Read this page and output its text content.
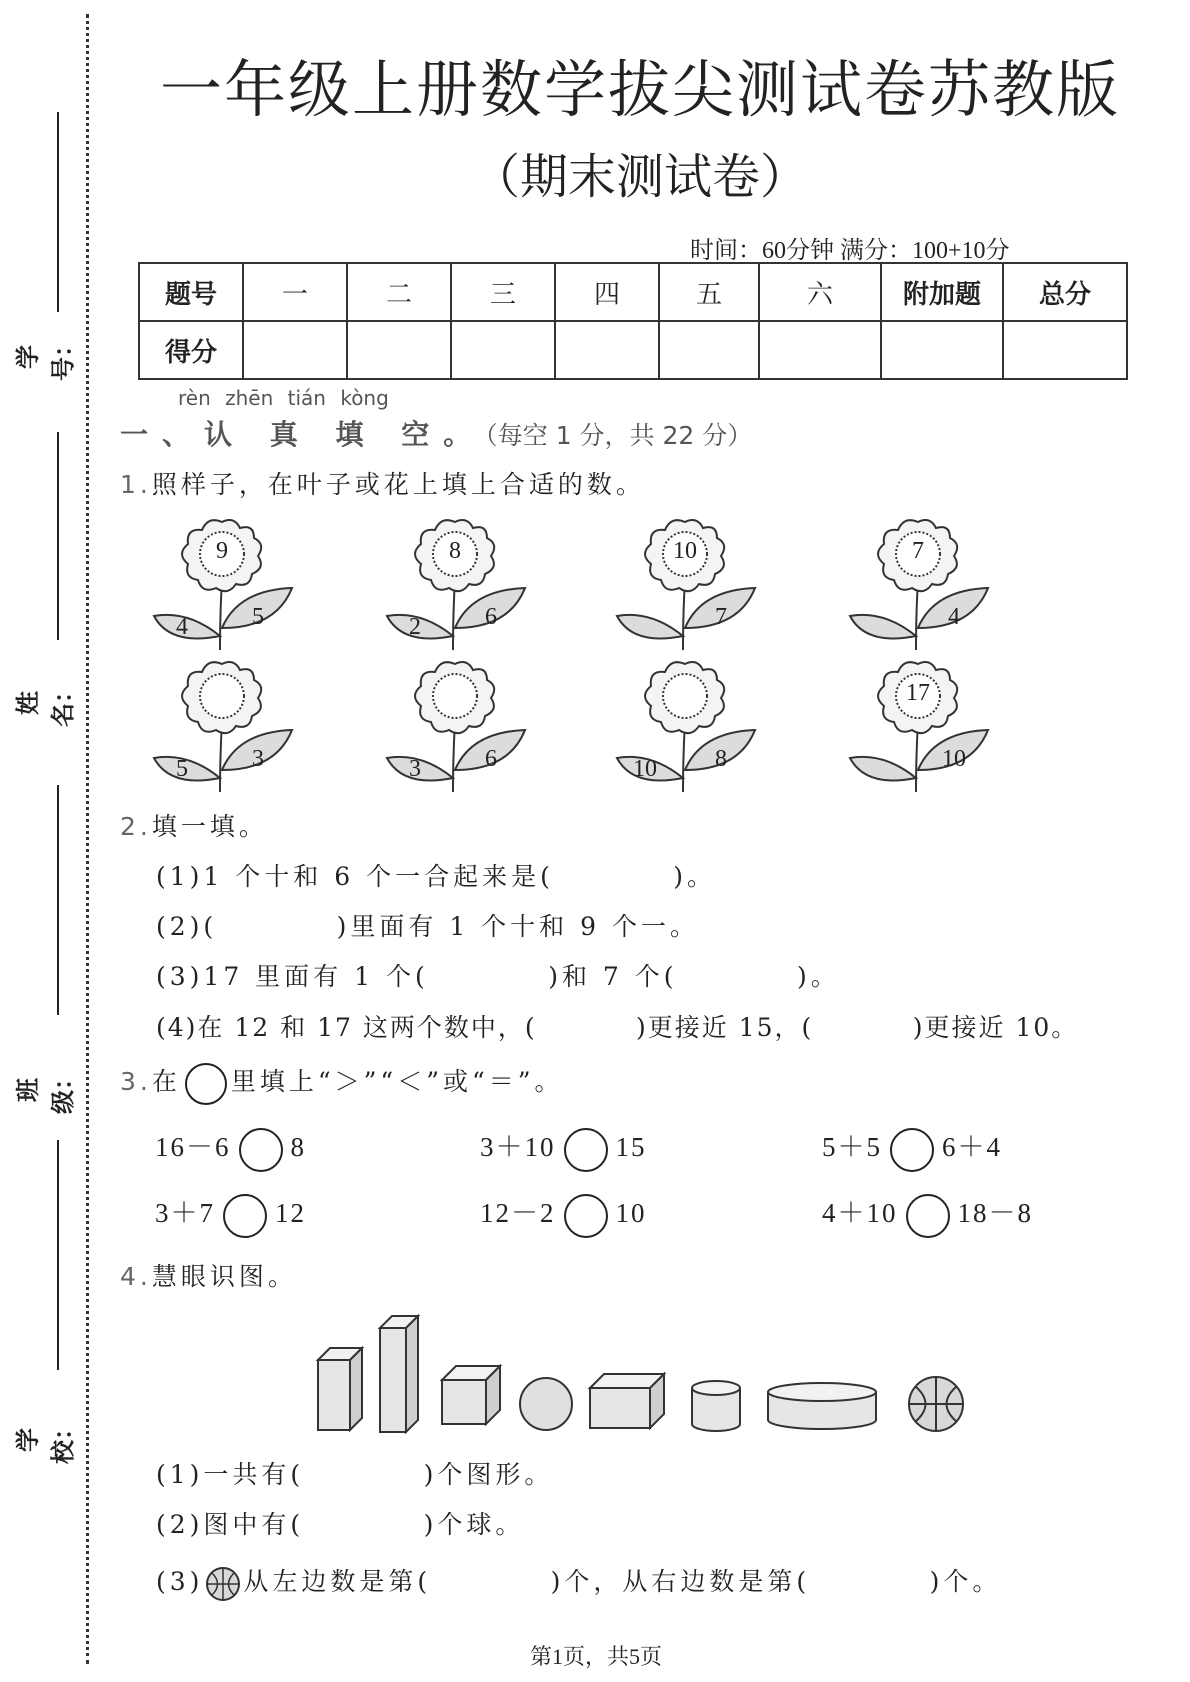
学号：
姓名：
班级：
学校：
一年级上册数学拔尖测试卷苏教版
（期末测试卷）
时间：60分钟 满分：100+10分
题号	一	二	三	四	五	六	附加题	总分
得分								
rèn zhēn tián kòng
一、认 真 填 空。（每空 1 分，共 22 分）
1.照样子，在叶子或花上填上合适的数。
9
4	5
8
2	6
10
7
7
4
5	3	3	6	10	8
17
10
2.填一填。
(1)1 个十和 6 个一合起来是(          )。
(2)(          )里面有 1 个十和 9 个一。
(3)17 里面有 1 个(          )和 7 个(          )。
(4)在 12 和 17 这两个数中，(          )更接近 15，(          )更接近 10。
3.在 里填上“＞”“＜”或“＝”。
16－6 8	3＋10 15	5＋5 6＋4
3＋7 12	12－2 10	4＋10 18－8
4.慧眼识图。
(1)一共有(          )个图形。
(2)图中有(          )个球。
(3) 从左边数是第(          )个，从右边数是第(          )个。
第1页，共5页
